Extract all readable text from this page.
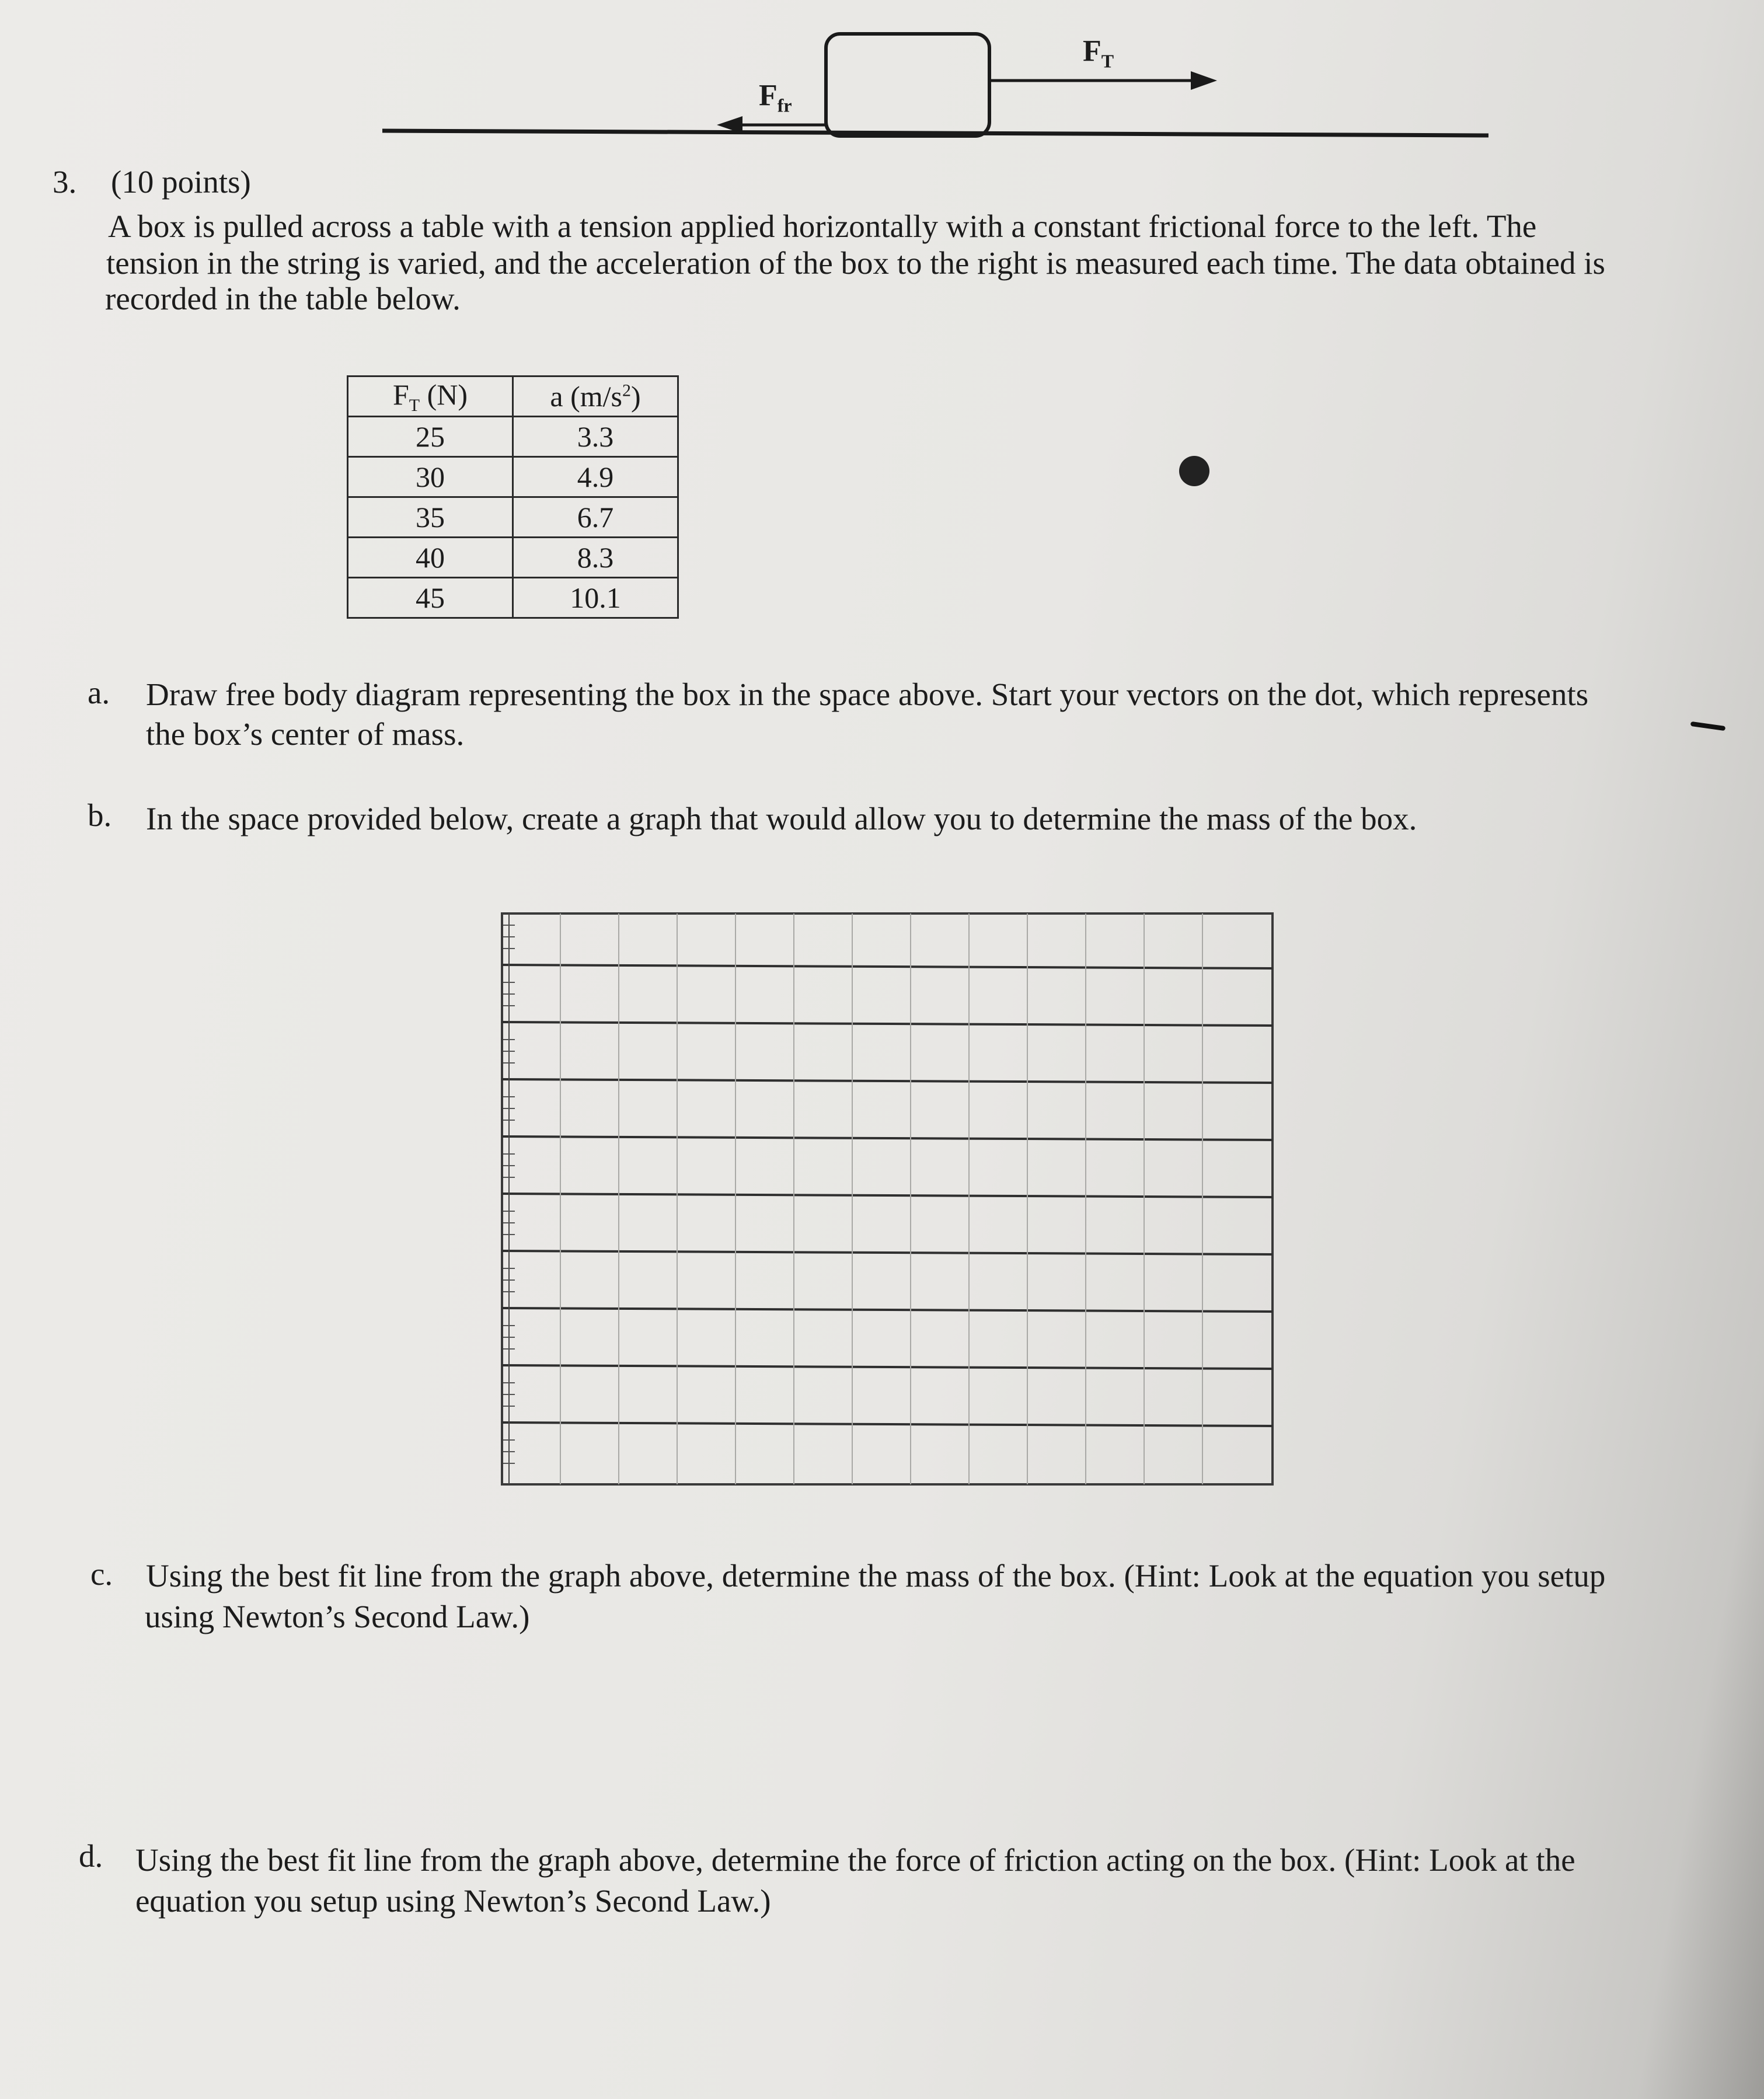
$F_{fr}$
$F_T$
3. (10 points)
A box is pulled across a table with a tension applied horizontally with a constant frictional force to the left. The
tension in the string is varied, and the acceleration of the box to the right is measured each time. The data obtained is
recorded in the table below.
$F_T$ (N)	a $(m/s^2)$
25	3.3
30	4.9
35	6.7
40	8.3
45	10.1
a. Draw free body diagram representing the box in the space above. Start your vectors on the dot, which represents
the box’s center of mass.
b. In the space provided below, create a graph that would allow you to determine the mass of the box.
c. Using the best fit line from the graph above, determine the mass of the box. (Hint: Look at the equation you setup
using Newton’s Second Law.)
d. Using the best fit line from the graph above, determine the force of friction acting on the box. (Hint: Look at the
equation you setup using Newton’s Second Law.)
